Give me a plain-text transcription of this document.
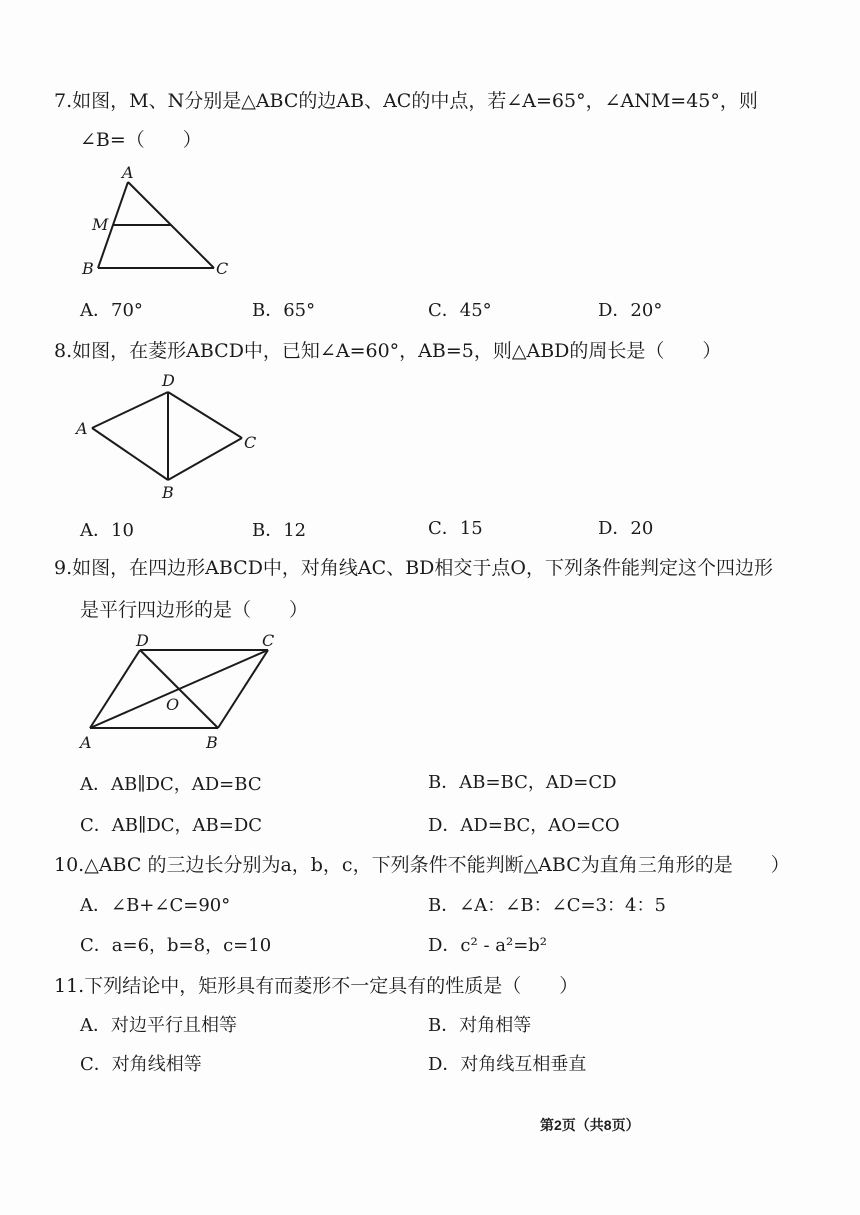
7.如图，M、N分别是△ABC的边AB、AC的中点，若∠A=65°，∠ANM=45°，则
∠B=（　　）
A
M
B	C
A．70°	B．65°	C．45°	D．20°
8.如图，在菱形ABCD中，已知∠A=60°，AB=5，则△ABD的周长是（　　）
D
A
C
B
A．10	B．12	C．15	D．20
9.如图，在四边形ABCD中，对角线AC、BD相交于点O，下列条件能判定这个四边形
是平行四边形的是（　　）
D	C
O
A	B
A．AB∥DC，AD=BC	B．AB=BC，AD=CD
C．AB∥DC，AB=DC	D．AD=BC，AO=CO
10.△ABC 的三边长分别为a，b，c，下列条件不能判断△ABC为直角三角形的是　　）
A．∠B+∠C=90°	B．∠A：∠B：∠C=3：4：5
C．a=6，b=8，c=10	D．c² - a²=b²
11.下列结论中，矩形具有而菱形不一定具有的性质是（　　）
A．对边平行且相等	B．对角相等
C．对角线相等	D．对角线互相垂直
第2页（共8页）
